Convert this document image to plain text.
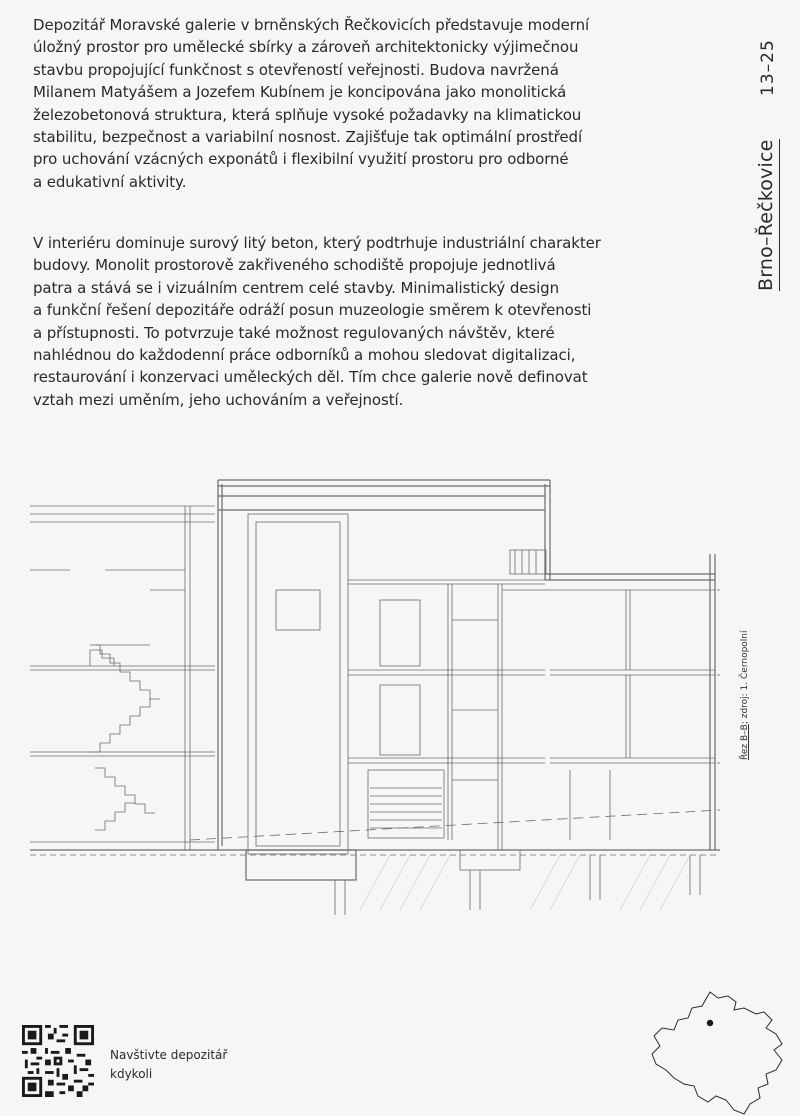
Depozitář Moravské galerie v brněnských Řečkovicích představuje moderní
úložný prostor pro umělecké sbírky a zároveň architektonicky výjimečnou
stavbu propojující funkčnost s otevřeností veřejnosti. Budova navržená
Milanem Matyášem a Jozefem Kubínem je koncipována jako monolitická
železobetonová struktura, která splňuje vysoké požadavky na klimatickou
stabilitu, bezpečnost a variabilní nosnost. Zajišťuje tak optimální prostředí
pro uchování vzácných exponátů i flexibilní využití prostoru pro odborné
a edukativní aktivity.
V interiéru dominuje surový litý beton, který podtrhuje industriální charakter
budovy. Monolit prostorově zakřiveného schodiště propojuje jednotlivá
patra a stává se i vizuálním centrem celé stavby. Minimalistický design
a funkční řešení depozitáře odráží posun muzeologie směrem k otevřenosti
a přístupnosti. To potvrzuje také možnost regulovaných návštěv, které
nahlédnou do každodenní práce odborníků a mohou sledovat digitalizaci,
restaurování i konzervaci uměleckých děl. Tím chce galerie nově definovat
vztah mezi uměním, jeho uchováním a veřejností.
13–25
Brno–Řečkovice
Řez B–B; zdroj: 1. Černopolní
Navštivte depozitář
kdykoli
